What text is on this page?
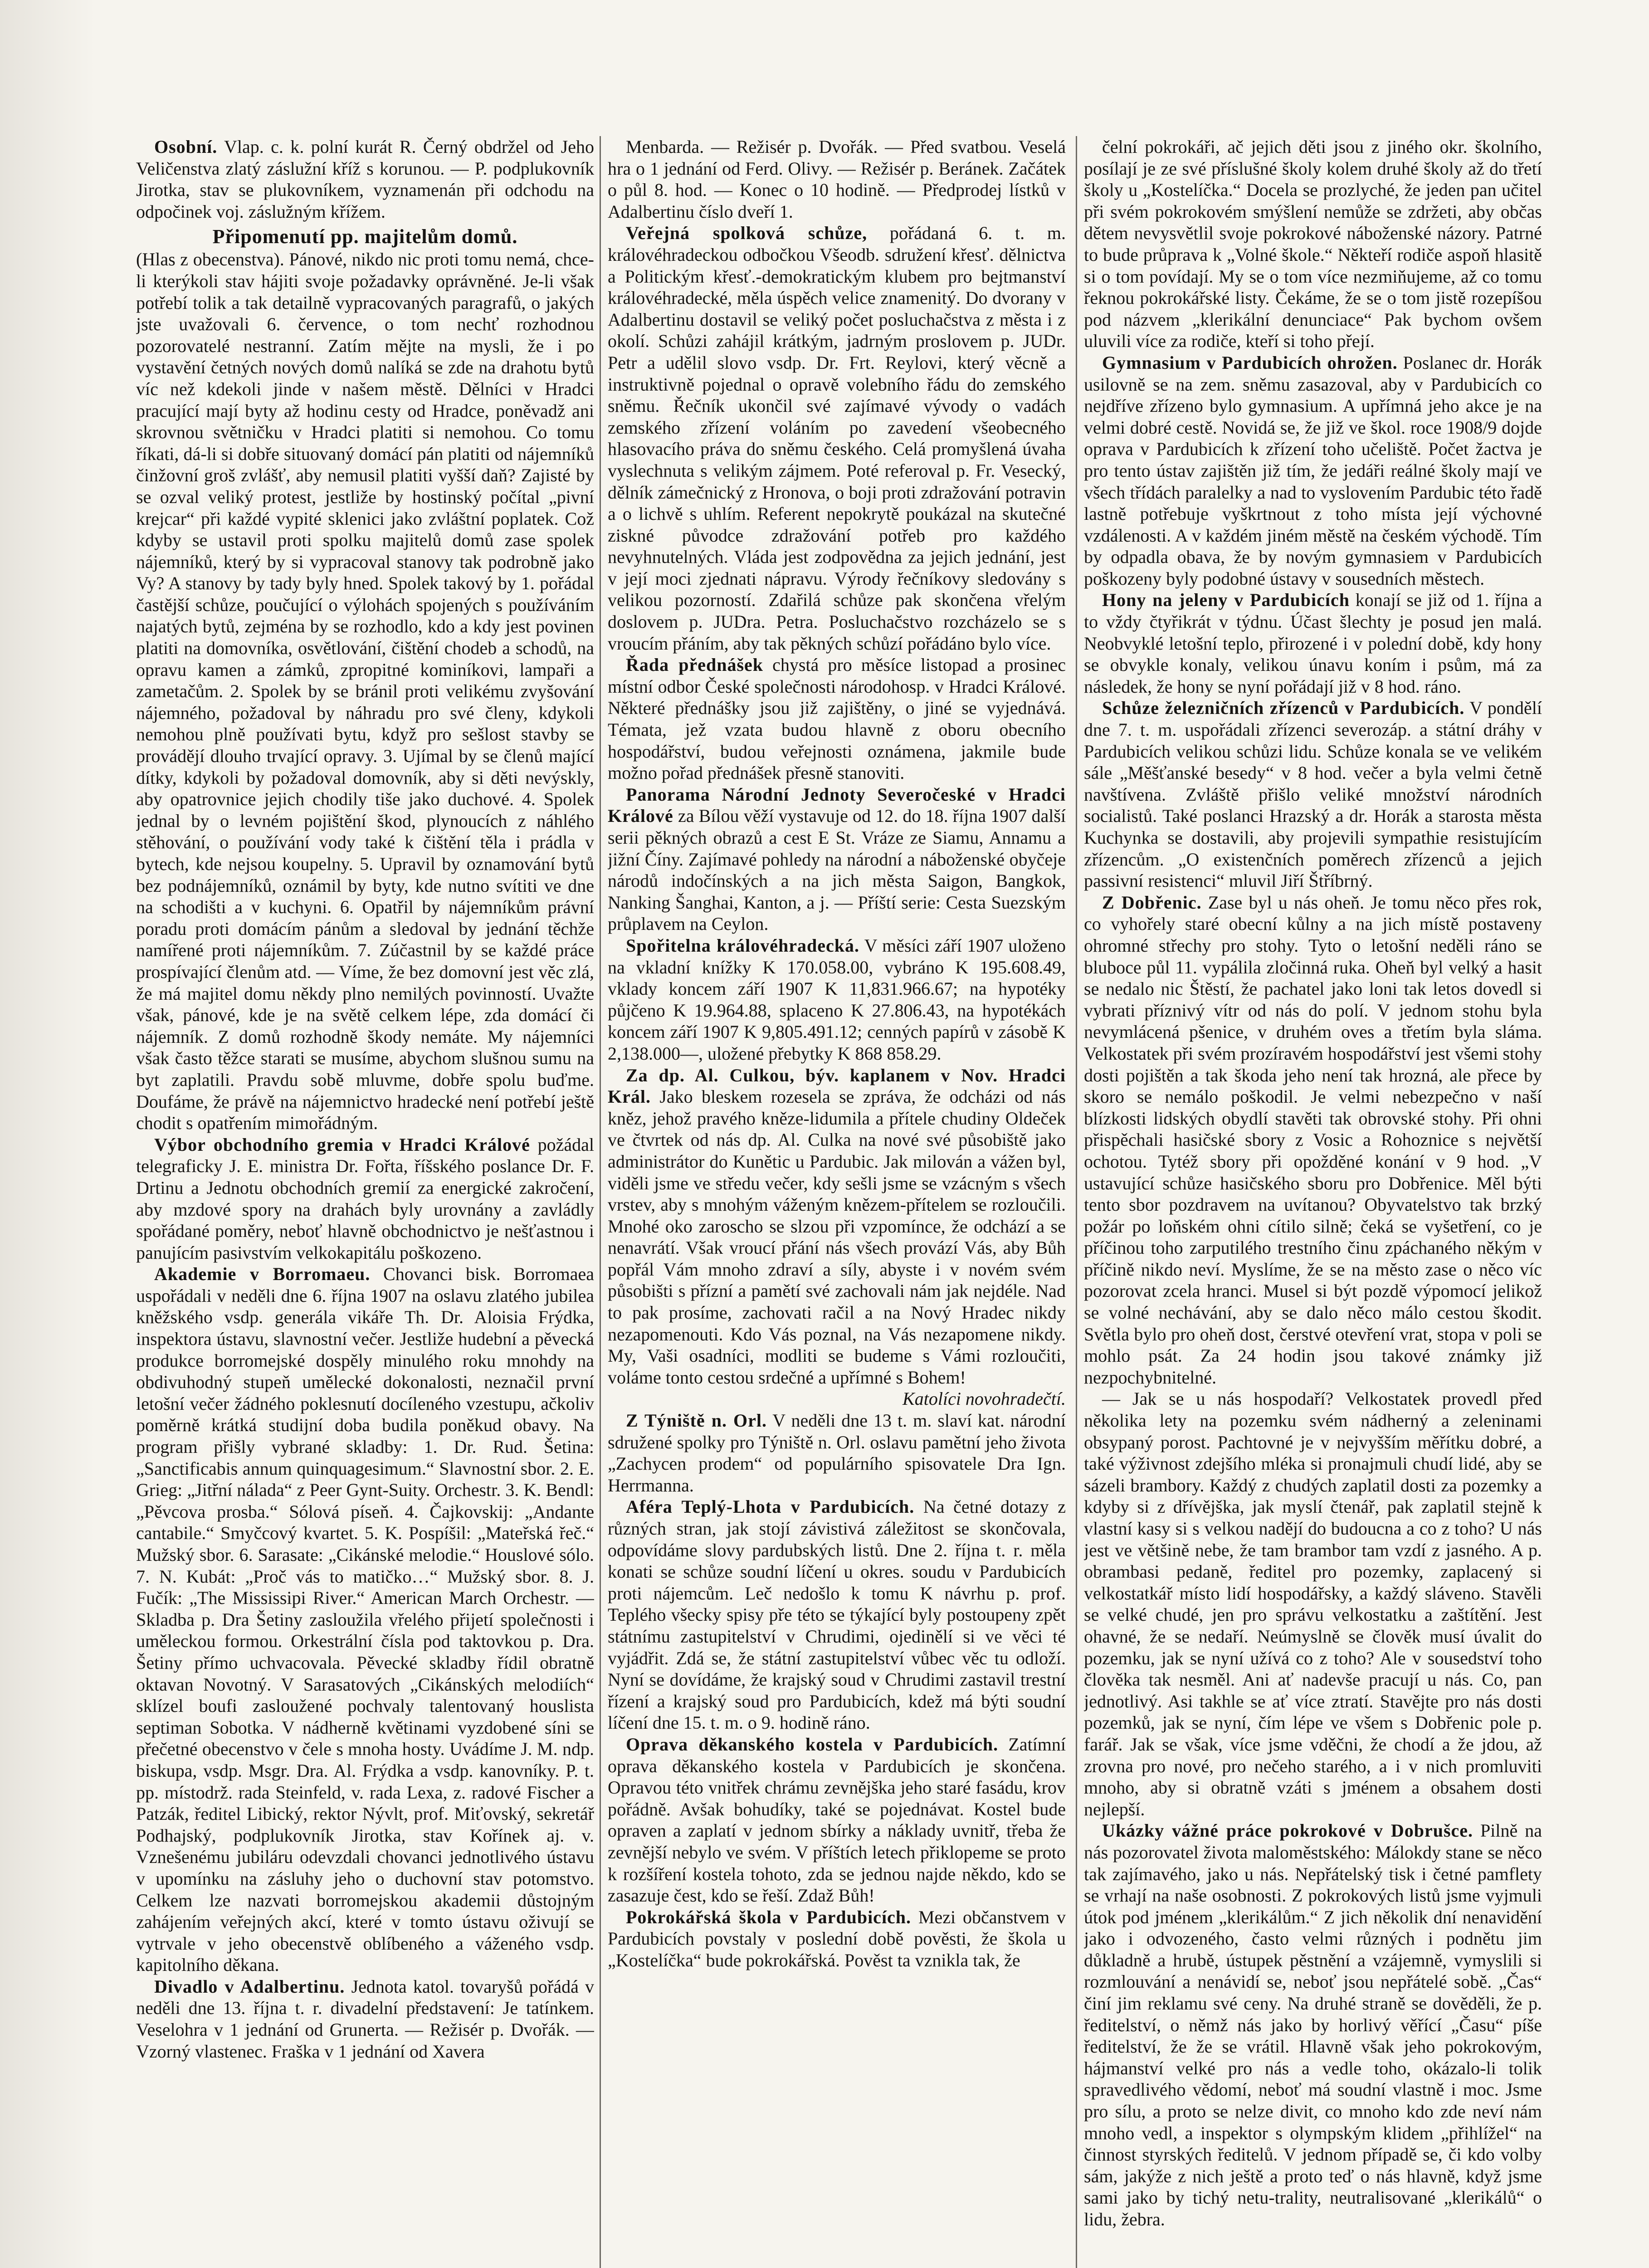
Osobní. Vlap. c. k. polní kurát R. Černý obdržel od Jeho Veličenstva zlatý záslužní kříž s korunou. — P. podplukovník Jirotka, stav se plukovníkem, vyznamenán při odchodu na odpočinek voj. záslužným křížem.

Připomenutí pp. majitelům domů.
(Hlas z obecenstva). Pánové, nikdo nic proti tomu nemá, chce-li kterýkoli stav hájiti svoje požadavky oprávněné. Je-li však potřebí tolik a tak detailně vypracovaných paragrafů, o jakých jste uvažovali 6. července, o tom nechť rozhodnou pozorovatelé nestranní. Zatím mějte na mysli, že i po vystavění četných nových domů nalíká se zde na drahotu bytů víc než kdekoli jinde v našem městě. Dělníci v Hradci pracující mají byty až hodinu cesty od Hradce, poněvadž ani skrovnou světničku v Hradci platiti si nemohou. Co tomu říkati, dá-li si dobře situovaný domácí pán platiti od nájemníků činžovní groš zvlášť, aby nemusil platiti vyšší daň? Zajisté by se ozval veliký protest, jestliže by hostinský počítal „pivní krejcar“ při každé vypité sklenici jako zvláštní poplatek. Což kdyby se ustavil proti spolku majitelů domů zase spolek nájemníků, který by si vypracoval stanovy tak podrobně jako Vy? A stanovy by tady byly hned. Spolek takový by 1. pořádal častější schůze, poučující o výlohách spojených s používáním najatých bytů, zejména by se rozhodlo, kdo a kdy jest povinen platiti na domovníka, osvětlování, čištění chodeb a schodů, na opravu kamen a zámků, zpropitné kominíkovi, lampaři a zametačům. 2. Spolek by se bránil proti velikému zvyšování nájemného, požadoval by náhradu pro své členy, kdykoli nemohou plně používati bytu, když pro sešlost stavby se provádějí dlouho trvající opravy. 3. Ujímal by se členů mající dítky, kdykoli by požadoval domovník, aby si děti nevýskly, aby opatrovnice jejich chodily tiše jako duchové. 4. Spolek jednal by o levném pojištění škod, plynoucích z náhlého stěhování, o používání vody také k čištění těla i prádla v bytech, kde nejsou koupelny. 5. Upravil by oznamování bytů bez podnájemníků, oznámil by byty, kde nutno svítiti ve dne na schodišti a v kuchyni. 6. Opatřil by nájemníkům právní poradu proti domácím pánům a sledoval by jednání těchže namířené proti nájemníkům. 7. Zúčastnil by se každé práce prospívající členům atd. — Víme, že bez domovní jest věc zlá, že má majitel domu někdy plno nemilých povinností. Uvažte však, pánové, kde je na světě celkem lépe, zda domácí či nájemník. Z domů rozhodně škody nemáte. My nájemníci však často těžce starati se musíme, abychom slušnou sumu na byt zaplatili. Pravdu sobě mluvme, dobře spolu buďme. Doufáme, že právě na nájemnictvo hradecké není potřebí ještě chodit s opatřením mimořádným.

Výbor obchodního gremia v Hradci Králové požádal telegraficky J. E. ministra Dr. Fořta, říšského poslance Dr. F. Drtinu a Jednotu obchodních gremií za energické zakročení, aby mzdové spory na drahách byly urovnány a zavládly spořádané poměry, neboť hlavně obchodnictvo je nešťastnou i panujícím pasivstvím velkokapitálu poškozeno.

Akademie v Borromaeu. Chovanci bisk. Borromaea uspořádali v neděli dne 6. října 1907 na oslavu zlatého jubilea kněžského vsdp. generála vikáře Th. Dr. Aloisia Frýdka, inspektora ústavu, slavnostní večer. Jestliže hudební a pěvecká produkce borromejské dospěly minulého roku mnohdy na obdivuhodný stupeň umělecké dokonalosti, neznačil první letošní večer žádného poklesnutí docíleného vzestupu, ačkoliv poměrně krátká studijní doba budila poněkud obavy. Na program přišly vybrané skladby: 1. Dr. Rud. Šetina: „Sanctificabis annum quinquagesimum.“ Slavnostní sbor. 2. E. Grieg: „Jitřní nálada“ z Peer Gynt-Suity. Orchestr. 3. K. Bendl: „Pěvcova prosba.“ Sólová píseň. 4. Čajkovskij: „Andante cantabile.“ Smyčcový kvartet. 5. K. Pospíšil: „Mateřská řeč.“ Mužský sbor. 6. Sarasate: „Cikánské melodie.“ Houslové sólo. 7. N. Kubát: „Proč vás to matičko…“ Mužský sbor. 8. J. Fučík: „The Mississipi River.“ American March Orchestr. — Skladba p. Dra Šetiny zasloužila vřelého přijetí společnosti i uměleckou formou. Orkestrální čísla pod taktovkou p. Dra. Šetiny přímo uchvacovala. Pěvecké skladby řídil obratně oktavan Novotný. V Sarasatových „Cikánských melodiích“ sklízel boufi zasloužené pochvaly talentovaný houslista septiman Sobotka. V nádherně květinami vyzdobené síni se přečetné obecenstvo v čele s mnoha hosty. Uvádíme J. M. ndp. biskupa, vsdp. Msgr. Dra. Al. Frýdka a vsdp. kanovníky. P. t. pp. místodrž. rada Steinfeld, v. rada Lexa, z. radové Fischer a Patzák, ředitel Libický, rektor Nývlt, prof. Miťovský, sekretář Podhajský, podplukovník Jirotka, stav Kořínek aj. v. Vznešenému jubiláru odevzdali chovanci jednotlivého ústavu v upomínku na zásluhy jeho o duchovní stav potomstvo. Celkem lze nazvati borromejskou akademii důstojným zahájením veřejných akcí, které v tomto ústavu oživují se vytrvale v jeho obecenstvě oblíbeného a váženého vsdp. kapitolního děkana.

Divadlo v Adalbertinu. Jednota katol. tovaryšů pořádá v neděli dne 13. října t. r. divadelní představení: Je tatínkem. Veselohra v 1 jednání od Grunerta. — Režisér p. Dvořák. — Vzorný vlastenec. Fraška v 1 jednání od Xavera

Menbarda. — Režisér p. Dvořák. — Před svatbou. Veselá hra o 1 jednání od Ferd. Olivy. — Režisér p. Beránek. Začátek o půl 8. hod. — Konec o 10 hodině. — Předprodej lístků v Adalbertinu číslo dveří 1.

Veřejná spolková schůze, pořádaná 6. t. m. královéhradeckou odbočkou Všeodb. sdružení křesť. dělnictva a Politickým křesť.-demokratickým klubem pro bejtmanství královéhradecké, měla úspěch velice znamenitý. Do dvorany v Adalbertinu dostavil se veliký počet posluchačstva z města i z okolí. Schůzi zahájil krátkým, jadrným proslovem p. JUDr. Petr a udělil slovo vsdp. Dr. Frt. Reylovi, který věcně a instruktivně pojednal o opravě volebního řádu do zemského sněmu. Řečník ukončil své zajímavé vývody o vadách zemského zřízení voláním po zavedení všeobecného hlasovacího práva do sněmu českého. Celá promyšlená úvaha vyslechnuta s velikým zájmem. Poté referoval p. Fr. Vesecký, dělník zámečnický z Hronova, o boji proti zdražování potravin a o lichvě s uhlím. Referent nepokrytě poukázal na skutečné ziskné původce zdražování potřeb pro každého nevyhnutelných. Vláda jest zodpovědna za jejich jednání, jest v její moci zjednati nápravu. Výrody řečníkovy sledovány s velikou pozorností. Zdařilá schůze pak skončena vřelým doslovem p. JUDra. Petra. Posluchačstvo rozcházelo se s vroucím přáním, aby tak pěkných schůzí pořádáno bylo více.

Řada přednášek chystá pro měsíce listopad a prosinec místní odbor České společnosti národohosp. v Hradci Králové. Některé přednášky jsou již zajištěny, o jiné se vyjednává. Témata, jež vzata budou hlavně z oboru obecního hospodářství, budou veřejnosti oznámena, jakmile bude možno pořad přednášek přesně stanoviti.

Panorama Národní Jednoty Severočeské v Hradci Králové za Bílou věží vystavuje od 12. do 18. října 1907 další serii pěkných obrazů a cest E St. Vráze ze Siamu, Annamu a jižní Číny. Zajímavé pohledy na národní a náboženské obyčeje národů indočínských a na jich města Saigon, Bangkok, Nanking Šanghai, Kanton, a j. — Příští serie: Cesta Suezským průplavem na Ceylon.

Spořitelna královéhradecká. V měsíci září 1907 uloženo na vkladní knížky K 170.058.00, vybráno K 195.608.49, vklady koncem září 1907 K 11,831.966.67; na hypotéky půjčeno K 19.964.88, splaceno K 27.806.43, na hypotékách koncem září 1907 K 9,805.491.12; cenných papírů v zásobě K 2,138.000—, uložené přebytky K 868 858.29.

Za dp. Al. Culkou, býv. kaplanem v Nov. Hradci Král. Jako bleskem rozesela se zpráva, že odcházi od nás kněz, jehož pravého kněze-lidumila a přítele chudiny Oldeček ve čtvrtek od nás dp. Al. Culka na nové své působiště jako administrátor do Kunětic u Pardubic. Jak milován a vážen byl, viděli jsme ve středu večer, kdy sešli jsme se vzácným s všech vrstev, aby s mnohým váženým knězem-přítelem se rozloučili. Mnohé oko zaroscho se slzou při vzpomínce, že odchází a se nenavrátí. Však vroucí přání nás všech provází Vás, aby Bůh popřál Vám mnoho zdraví a síly, abyste i v novém svém působišti s přízní a pamětí své zachovali nám jak nejdéle. Nad to pak prosíme, zachovati račil a na Nový Hradec nikdy nezapomenouti. Kdo Vás poznal, na Vás nezapomene nikdy. My, Vaši osadníci, modliti se budeme s Vámi rozloučiti, voláme tonto cestou srdečné a upřímné s Bohem!

Katolíci novohradečtí.

Z Týniště n. Orl. V neděli dne 13 t. m. slaví kat. národní sdružené spolky pro Týniště n. Orl. oslavu pamětní jeho života „Zachycen prodem“ od populárního spisovatele Dra Ign. Herrmanna.

Aféra Teplý-Lhota v Pardubicích. Na četné dotazy z různých stran, jak stojí závistivá záležitost se skončovala, odpovídáme slovy pardubských listů. Dne 2. října t. r. měla konati se schůze soudní líčení u okres. soudu v Pardubicích proti nájemcům. Leč nedošlo k tomu K návrhu p. prof. Teplého všecky spisy pře této se týkající byly postoupeny zpět státnímu zastupitelství v Chrudimi, ojedinělí si ve věci té vyjádřit. Zdá se, že státní zastupitelství vůbec věc tu odloží. Nyní se dovídáme, že krajský soud v Chrudimi zastavil trestní řízení a krajský soud pro Pardubicích, kdež má býti soudní líčení dne 15. t. m. o 9. hodině ráno.

Oprava děkanského kostela v Pardubicích. Zatímní oprava děkanského kostela v Pardubicích je skončena. Opravou této vnitřek chrámu zevnějška jeho staré fasádu, krov pořádně. Avšak bohudíky, také se pojednávat. Kostel bude opraven a zaplatí v jednom sbírky a náklady uvnitř, třeba že zevnější nebylo ve svém. V příštích letech přiklopeme se proto k rozšíření kostela tohoto, zda se jednou najde někdo, kdo se zasazuje čest, kdo se řeší. Zdaž Bůh!

Pokrokářská škola v Pardubicích. Mezi občanstvem v Pardubicích povstaly v poslední době pověsti, že škola u „Kostelíčka“ bude pokrokářská. Pověst ta vznikla tak, že

čelní pokrokáři, ač jejich děti jsou z jiného okr. školního, posílají je ze své příslušné školy kolem druhé školy až do třetí školy u „Kostelíčka.“ Docela se prozlyché, že jeden pan učitel při svém pokrokovém smýšlení nemůže se zdržeti, aby občas dětem nevysvětlil svoje pokrokové náboženské názory. Patrné to bude průprava k „Volné škole.“ Někteří rodiče aspoň hlasitě si o tom povídají. My se o tom více nezmiňujeme, až co tomu řeknou pokrokářské listy. Čekáme, že se o tom jistě rozepíšou pod názvem „klerikální denunciace“ Pak bychom ovšem uluvili více za rodiče, kteří si toho přejí.

Gymnasium v Pardubicích ohrožen. Poslanec dr. Horák usilovně se na zem. sněmu zasazoval, aby v Pardubicích co nejdříve zřízeno bylo gymnasium. A upřímná jeho akce je na velmi dobré cestě. Novidá se, že již ve škol. roce 1908/9 dojde oprava v Pardubicích k zřízení toho učeliště. Počet žactva je pro tento ústav zajištěn již tím, že jedáři reálné školy mají ve všech třídách paralelky a nad to vyslovením Pardubic této řadě lastně potřebuje vyškrtnout z toho místa její výchovné vzdálenosti. A v každém jiném městě na českém východě. Tím by odpadla obava, že by novým gymnasiem v Pardubicích poškozeny byly podobné ústavy v sousedních městech.

Hony na jeleny v Pardubicích konají se již od 1. října a to vždy čtyřikrát v týdnu. Účast šlechty je posud jen malá. Neobvyklé letošní teplo, přirozené i v polední době, kdy hony se obvykle konaly, velikou únavu koním i psům, má za následek, že hony se nyní pořádají již v 8 hod. ráno.

Schůze železničních zřízenců v Pardubicích. V pondělí dne 7. t. m. uspořádali zřízenci severozáp. a státní dráhy v Pardubicích velikou schůzi lidu. Schůze konala se ve velikém sále „Měšťanské besedy“ v 8 hod. večer a byla velmi četně navštívena. Zvláště přišlo veliké množství národních socialistů. Také poslanci Hrazský a dr. Horák a starosta města Kuchynka se dostavili, aby projevili sympathie resistujícím zřízencům. „O existenčních poměrech zřízenců a jejich passivní resistenci“ mluvil Jiří Štříbrný.

Z Dobřenic. Zase byl u nás oheň. Je tomu něco přes rok, co vyhořely staré obecní kůlny a na jich místě postaveny ohromné střechy pro stohy. Tyto o letošní neděli ráno se bluboce půl 11. vypálila zločinná ruka. Oheň byl velký a hasit se nedalo nic Štěstí, že pachatel jako loni tak letos dovedl si vybrati příznivý vítr od nás do polí. V jednom stohu byla nevymlácená pšenice, v druhém oves a třetím byla sláma. Velkostatek při svém prozíravém hospodářství jest všemi stohy dosti pojištěn a tak škoda jeho není tak hrozná, ale přece by skoro se nemálo poškodil. Je velmi nebezpečno v naší blízkosti lidských obydlí stavěti tak obrovské stohy. Při ohni přispěchali hasičské sbory z Vosic a Rohoznice s největší ochotou. Tytéž sbory při opožděné konání v 9 hod. „V ustavující schůze hasičského sboru pro Dobřenice. Měl býti tento sbor pozdravem na uvítanou? Obyvatelstvo tak brzký požár po loňském ohni cítilo silně; čeká se vyšetření, co je příčinou toho zarputilého trestního činu zpáchaného někým v příčině nikdo neví. Myslíme, že se na město zase o něco víc pozorovat zcela hranci. Musel si být pozdě výpomocí jelikož se volné nechávání, aby se dalo něco málo cestou škodit. Světla bylo pro oheň dost, čerstvé otevření vrat, stopa v poli se mohlo psát. Za 24 hodin jsou takové známky již nezpochybnitelné.

— Jak se u nás hospodaří? Velkostatek provedl před několika lety na pozemku svém nádherný a zeleninami obsypaný porost. Pachtovné je v nejvyšším měřítku dobré, a také výživnost zdejšího mléka si pronajmuli chudí lidé, aby se sázeli brambory. Každý z chudých zaplatil dosti za pozemky a kdyby si z dřívějška, jak myslí čtenář, pak zaplatil stejně k vlastní kasy si s velkou nadějí do budoucna a co z toho? U nás jest ve většině nebe, že tam brambor tam vzdí z jasného. A p. obrambasi pedaně, ředitel pro pozemky, zaplacený si velkostatkář místo lidí hospodářsky, a každý sláveno. Stavěli se velké chudé, jen pro správu velkostatku a zaštítění. Jest ohavné, že se nedaří. Neúmyslně se člověk musí úvalit do pozemku, jak se nyní užívá co z toho? Ale v sousedství toho člověka tak nesměl. Ani ať nadevše pracují u nás. Co, pan jednotlivý. Asi takhle se ať více ztratí. Stavějte pro nás dosti pozemků, jak se nyní, čím lépe ve všem s Dobřenic pole p. farář. Jak se však, více jsme vděčni, že chodí a že jdou, až zrovna pro nové, pro nečeho starého, a i v nich promluviti mnoho, aby si obratně vzáti s jménem a obsahem dosti nejlepší.

Ukázky vážné práce pokrokové v Dobrušce. Pilně na nás pozorovatel života maloměstského: Málokdy stane se něco tak zajímavého, jako u nás. Nepřátelský tisk i četné pamflety se vrhají na naše osobnosti. Z pokrokových listů jsme vyjmuli útok pod jménem „klerikálům.“ Z jich několik dní nenavidění jako i odvozeného, často velmi různých i podnětu jim důkladně a hrubě, ústupek pěstnění a vzájemně, vymyslili si rozmlouvání a nenávidí se, neboť jsou nepřátelé sobě. „Čas“ činí jim reklamu své ceny. Na druhé straně se dověděli, že p. ředitelství, o němž nás jako by horlivý věřící „Času“ píše ředitelství, že že se vrátil. Hlavně však jeho pokrokovým, hájmanství velké pro nás a vedle toho, okázalo-li tolik spravedlivého vědomí, neboť má soudní vlastně i moc. Jsme pro sílu, a proto se nelze divit, co mnoho kdo zde neví nám mnoho vedl, a inspektor s olympským klidem „přihlížel“ na činnost styrských ředitelů. V jednom případě se, či kdo volby sám, jakýže z nich ještě a proto teď o nás hlavně, když jsme sami jako by tichý netu-trality, neutralisované „klerikálů“ o lidu, žebra.
